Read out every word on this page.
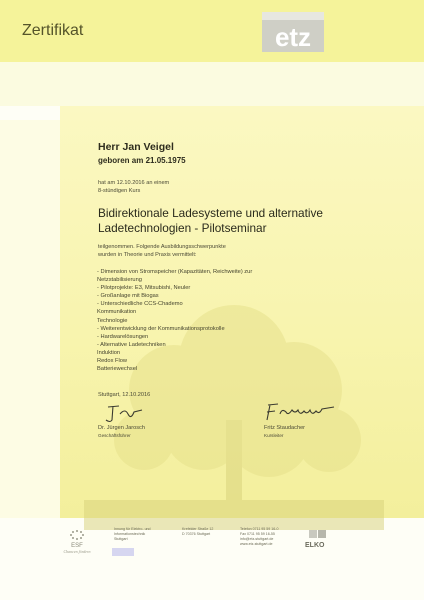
Zertifikat	etz
Herr Jan Veigel
geboren am 21.05.1975
hat am 12.10.2016 an einem
8-stündigen Kurs
Bidirektionale Ladesysteme und alternative
Ladetechnologien - Pilotseminar
teilgenommen. Folgende Ausbildungsschwerpunkte
wurden in Theorie und Praxis vermittelt:
- Dimension von Stromspeicher (Kapazitäten, Reichweite) zur
Netzstabilisierung
- Pilotprojekte: E3, Mitsubishi, Neuler
- Großanlage mit Biogas
- Unterschiedliche CCS-Chademo
Kommunikation
Technologie
- Weiterentwicklung der Kommunikationsprotokolle
- Hardwarelösungen
- Alternative Ladetechniken
Induktion
Redox Flow
Batteriewechsel
Stuttgart, 12.10.2016
Dr. Jürgen Jarosch
Geschäftsführer
Fritz Staudacher
Kursleiter
ESF
Chancen fördern
Innung für Elektro- und
Informationstechnik
Stuttgart
Krefelder Straße 12
D 70376 Stuttgart
Telefon 0711 95 59 16-0
Fax 0711 95 59 16-55
info@etz-stuttgart.de
www.etz-stuttgart.de	ELKO
